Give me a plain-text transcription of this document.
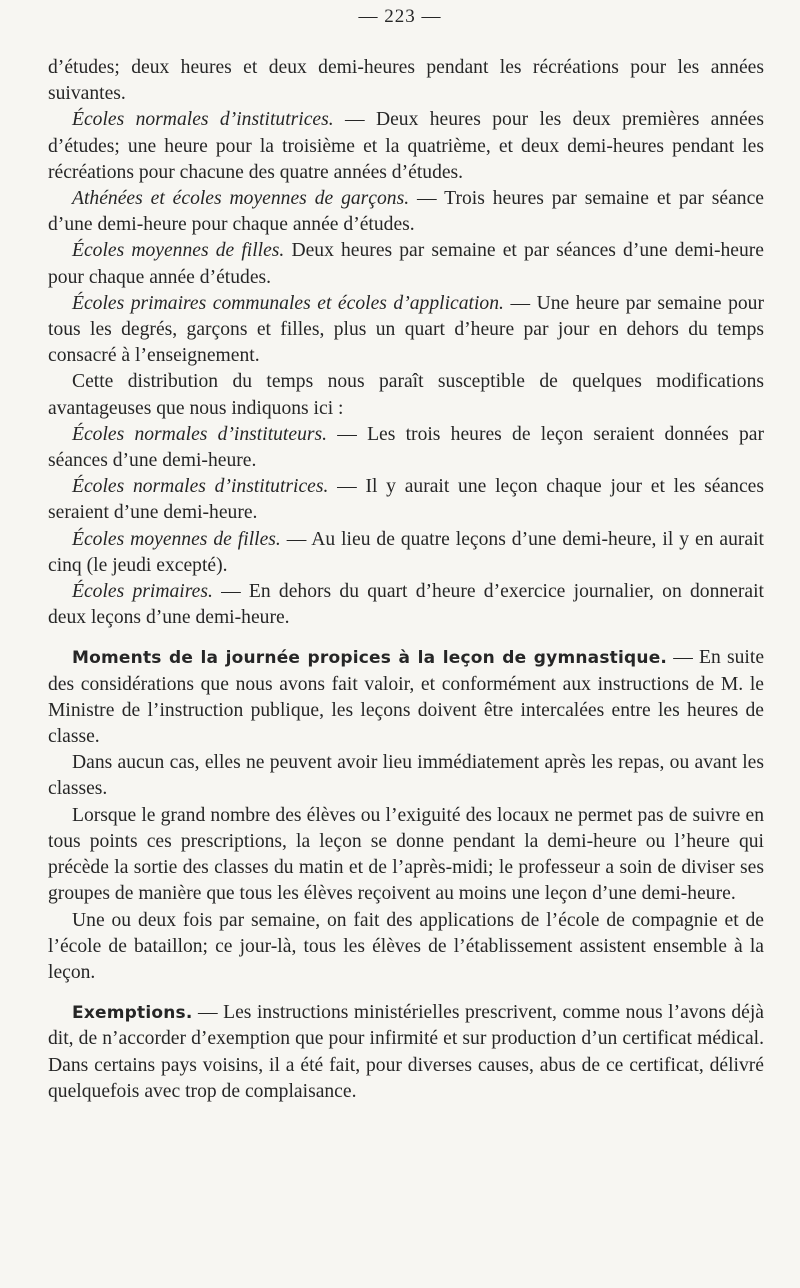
— 223 —

d’études; deux heures et deux demi-heures pendant les récréations pour les années suivantes.

Écoles normales d’institutrices. — Deux heures pour les deux premières années d’études; une heure pour la troisième et la quatrième, et deux demi-heures pendant les récréations pour chacune des quatre années d’études.

Athénées et écoles moyennes de garçons. — Trois heures par semaine et par séance d’une demi-heure pour chaque année d’études.

Écoles moyennes de filles. Deux heures par semaine et par séances d’une demi-heure pour chaque année d’études.

Écoles primaires communales et écoles d’application. — Une heure par semaine pour tous les degrés, garçons et filles, plus un quart d’heure par jour en dehors du temps consacré à l’enseignement.

Cette distribution du temps nous paraît susceptible de quelques modifications avantageuses que nous indiquons ici :

Écoles normales d’instituteurs. — Les trois heures de leçon seraient données par séances d’une demi-heure.

Écoles normales d’institutrices. — Il y aurait une leçon chaque jour et les séances seraient d’une demi-heure.

Écoles moyennes de filles. — Au lieu de quatre leçons d’une demi-heure, il y en aurait cinq (le jeudi excepté).

Écoles primaires. — En dehors du quart d’heure d’exercice journalier, on donnerait deux leçons d’une demi-heure.

Moments de la journée propices à la leçon de gymnastique. — En suite des considérations que nous avons fait valoir, et conformément aux instructions de M. le Ministre de l’instruction publique, les leçons doivent être intercalées entre les heures de classe.

Dans aucun cas, elles ne peuvent avoir lieu immédiatement après les repas, ou avant les classes.

Lorsque le grand nombre des élèves ou l’exiguité des locaux ne permet pas de suivre en tous points ces prescriptions, la leçon se donne pendant la demi-heure ou l’heure qui précède la sortie des classes du matin et de l’après-midi; le professeur a soin de diviser ses groupes de manière que tous les élèves reçoivent au moins une leçon d’une demi-heure.

Une ou deux fois par semaine, on fait des applications de l’école de compagnie et de l’école de bataillon; ce jour-là, tous les élèves de l’établissement assistent ensemble à la leçon.

Exemptions. — Les instructions ministérielles prescrivent, comme nous l’avons déjà dit, de n’accorder d’exemption que pour infirmité et sur production d’un certificat médical. Dans certains pays voisins, il a été fait, pour diverses causes, abus de ce certificat, délivré quelquefois avec trop de complaisance.
